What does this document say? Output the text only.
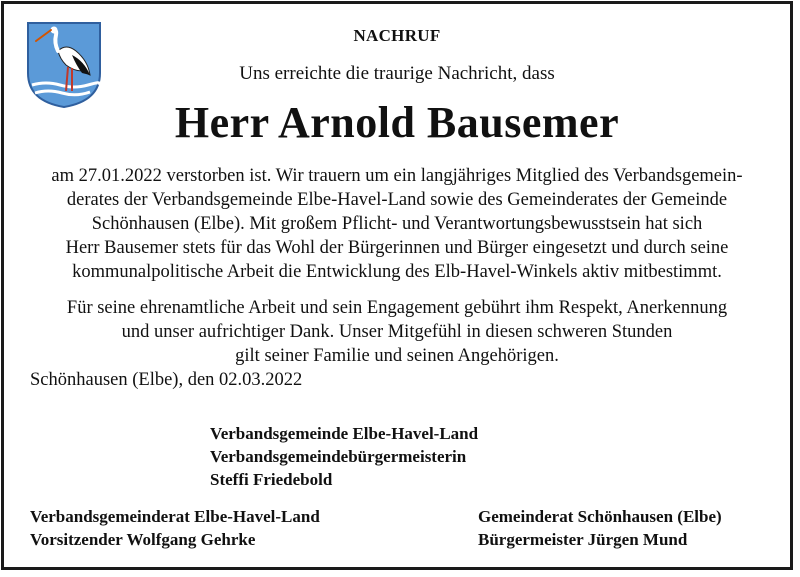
NACHRUF
Uns erreichte die traurige Nachricht, dass
Herr Arnold Bausemer
am 27.01.2022 verstorben ist. Wir trauern um ein langjähriges Mitglied des Verbandsgemein-
derates der Verbandsgemeinde Elbe-Havel-Land sowie des Gemeinderates der Gemeinde
Schönhausen (Elbe). Mit großem Pflicht- und Verantwortungsbewusstsein hat sich
Herr Bausemer stets für das Wohl der Bürgerinnen und Bürger eingesetzt und durch seine
kommunalpolitische Arbeit die Entwicklung des Elb-Havel-Winkels aktiv mitbestimmt.
Für seine ehrenamtliche Arbeit und sein Engagement gebührt ihm Respekt, Anerkennung
und unser aufrichtiger Dank. Unser Mitgefühl in diesen schweren Stunden
gilt seiner Familie und seinen Angehörigen.
Schönhausen (Elbe), den 02.03.2022
Verbandsgemeinde Elbe-Havel-Land
Verbandsgemeindebürgermeisterin
Steffi Friedebold
Verbandsgemeinderat Elbe-Havel-Land
Vorsitzender Wolfgang Gehrke
Gemeinderat Schönhausen (Elbe)
Bürgermeister Jürgen Mund
